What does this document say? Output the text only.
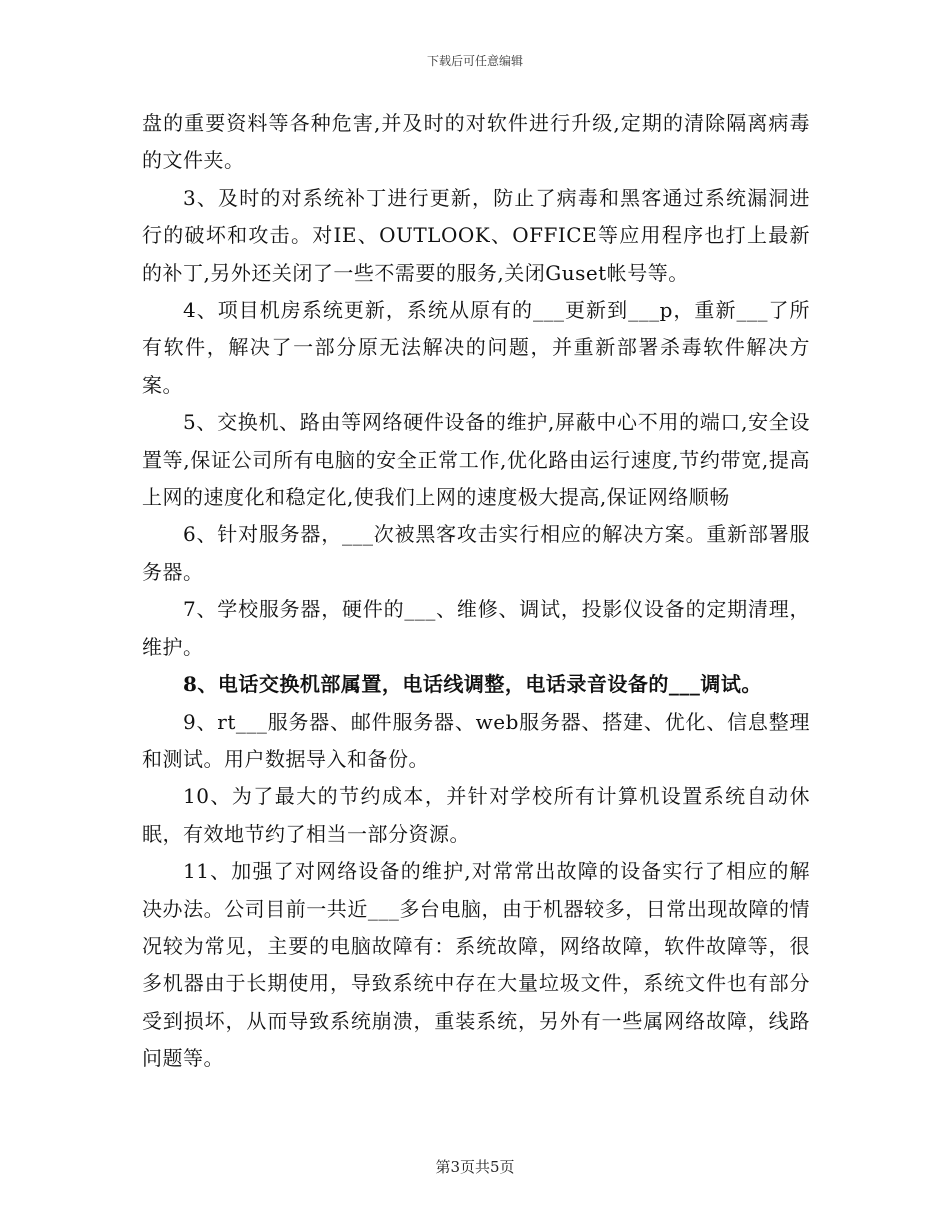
下载后可任意编辑

盘的重要资料等各种危害,并及时的对软件进行升级,定期的清除隔离病毒的文件夹。

3、及时的对系统补丁进行更新，防止了病毒和黑客通过系统漏洞进行的破坏和攻击。对IE、OUTLOOK、OFFICE等应用程序也打上最新的补丁,另外还关闭了一些不需要的服务,关闭Guset帐号等。

4、项目机房系统更新，系统从原有的___更新到___p，重新___了所有软件，解决了一部分原无法解决的问题，并重新部署杀毒软件解决方案。

5、交换机、路由等网络硬件设备的维护,屏蔽中心不用的端口,安全设置等,保证公司所有电脑的安全正常工作,优化路由运行速度,节约带宽,提高上网的速度化和稳定化,使我们上网的速度极大提高,保证网络顺畅

6、针对服务器，___次被黑客攻击实行相应的解决方案。重新部署服务器。

7、学校服务器，硬件的___、维修、调试，投影仪设备的定期清理，维护。

8、电话交换机部属置，电话线调整，电话录音设备的___调试。

9、rt___服务器、邮件服务器、web服务器、搭建、优化、信息整理和测试。用户数据导入和备份。

10、为了最大的节约成本，并针对学校所有计算机设置系统自动休眠，有效地节约了相当一部分资源。

11、加强了对网络设备的维护,对常常出故障的设备实行了相应的解决办法。公司目前一共近___多台电脑，由于机器较多，日常出现故障的情况较为常见，主要的电脑故障有：系统故障，网络故障，软件故障等，很多机器由于长期使用，导致系统中存在大量垃圾文件，系统文件也有部分受到损坏，从而导致系统崩溃，重装系统，另外有一些属网络故障，线路问题等。

第3页共5页
